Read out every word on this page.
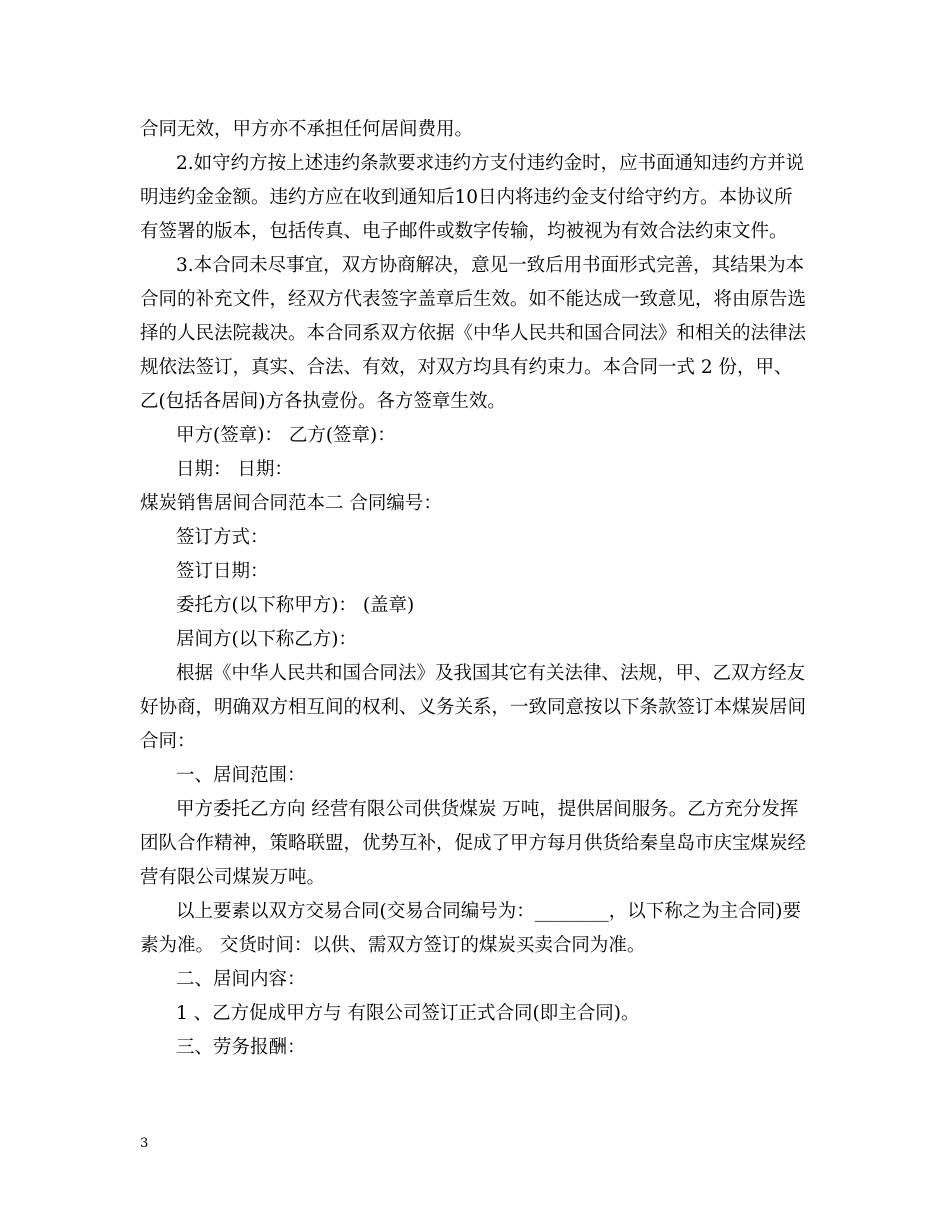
合同无效，甲方亦不承担任何居间费用。
2.如守约方按上述违约条款要求违约方支付违约金时，应书面通知违约方并说
明违约金金额。违约方应在收到通知后10日内将违约金支付给守约方。本协议所
有签署的版本，包括传真、电子邮件或数字传输，均被视为有效合法约束文件。
3.本合同未尽事宜，双方协商解决，意见一致后用书面形式完善，其结果为本
合同的补充文件，经双方代表签字盖章后生效。如不能达成一致意见，将由原告选
择的人民法院裁决。本合同系双方依据《中华人民共和国合同法》和相关的法律法
规依法签订，真实、合法、有效，对双方均具有约束力。本合同一式 2 份，甲、
乙(包括各居间)方各执壹份。各方签章生效。
甲方(签章)： 乙方(签章)：
日期： 日期：
煤炭销售居间合同范本二 合同编号：
签订方式：
签订日期：
委托方(以下称甲方)： (盖章)
居间方(以下称乙方)：
根据《中华人民共和国合同法》及我国其它有关法律、法规，甲、乙双方经友
好协商，明确双方相互间的权利、义务关系，一致同意按以下条款签订本煤炭居间
合同：
一、居间范围：
甲方委托乙方向 经营有限公司供货煤炭 万吨，提供居间服务。乙方充分发挥
团队合作精神，策略联盟，优势互补，促成了甲方每月供货给秦皇岛市庆宝煤炭经
营有限公司煤炭万吨。
以上要素以双方交易合同(交易合同编号为：________，以下称之为主合同)要
素为准。 交货时间：以供、需双方签订的煤炭买卖合同为准。
二、居间内容：
1 、乙方促成甲方与 有限公司签订正式合同(即主合同)。
三、劳务报酬：
3
